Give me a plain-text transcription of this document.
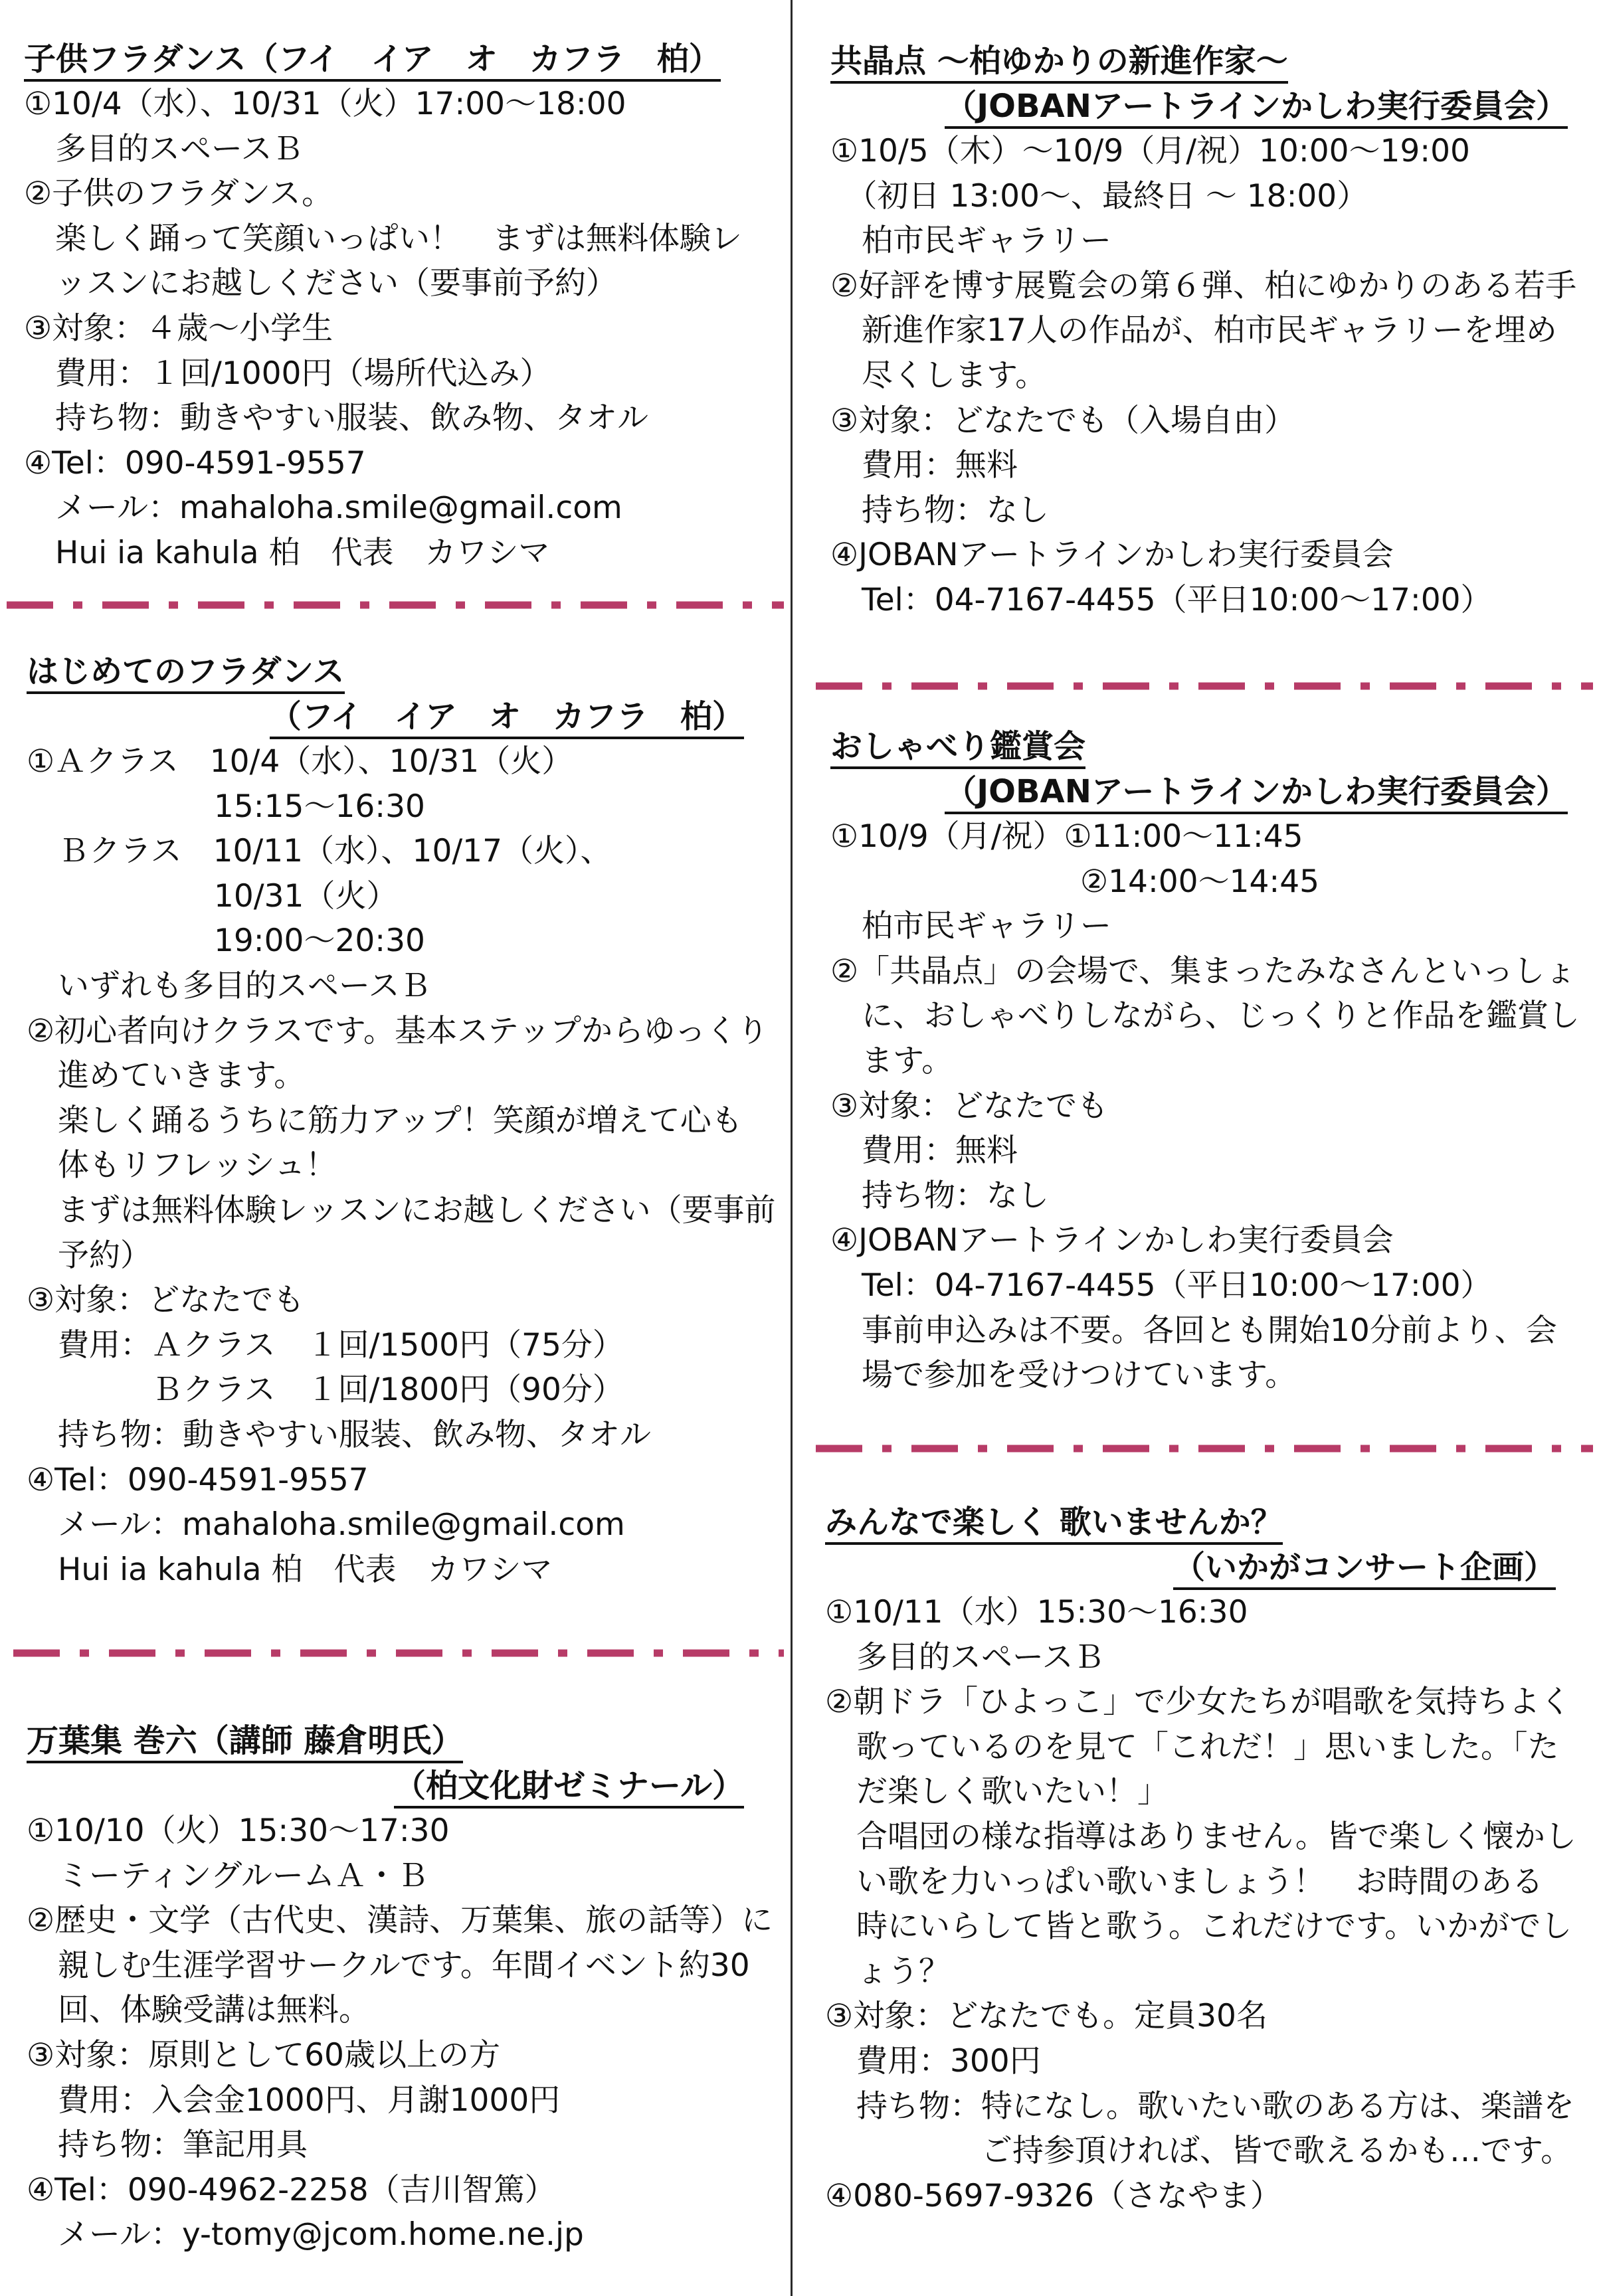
子供フラダンス（フイ　イア　オ　カフラ　柏）
①10/4（水）、10/31（火）17:00～18:00
　多目的スペースＢ
②子供のフラダンス。
　楽しく踊って笑顔いっぱい！　まずは無料体験レ
　ッスンにお越しください（要事前予約）
③対象：４歳～小学生
　費用：１回/1000円（場所代込み）
　持ち物：動きやすい服装、飲み物、タオル
④Tel：090-4591-9557
　メール：mahaloha.smile@gmail.com
　Hui ia kahula 柏　代表　カワシマ
はじめてのフラダンス
（フイ　イア　オ　カフラ　柏）
①Ａクラス　10/4（水）、10/31（火）
　　　　　　15:15～16:30
　Ｂクラス　10/11（水）、10/17（火）、
　　　　　　10/31（火）
　　　　　　19:00～20:30
　いずれも多目的スペースＢ
②初心者向けクラスです。基本ステップからゆっくり
　進めていきます。
　楽しく踊るうちに筋力アップ！笑顔が増えて心も
　体もリフレッシュ！
　まずは無料体験レッスンにお越しください（要事前
　予約）
③対象：どなたでも
　費用：Ａクラス　１回/1500円（75分）
　　　　Ｂクラス　１回/1800円（90分）
　持ち物：動きやすい服装、飲み物、タオル
④Tel：090-4591-9557
　メール：mahaloha.smile@gmail.com
　Hui ia kahula 柏　代表　カワシマ
万葉集 巻六（講師 藤倉明氏）
（柏文化財ゼミナール）
①10/10（火）15:30～17:30
　ミーティングルームＡ・Ｂ
②歴史・文学（古代史、漢詩、万葉集、旅の話等）に
　親しむ生涯学習サークルです。年間イベント約30
　回、体験受講は無料。
③対象：原則として60歳以上の方
　費用：入会金1000円、月謝1000円
　持ち物：筆記用具
④Tel：090-4962-2258（吉川智篤）
　メール：y-tomy@jcom.home.ne.jp
共晶点 ～柏ゆかりの新進作家～
（JOBANアートラインかしわ実行委員会）
①10/5（木）～10/9（月/祝）10:00～19:00
　（初日 13:00～、最終日 ～ 18:00）
　柏市民ギャラリー
②好評を博す展覧会の第６弾、柏にゆかりのある若手
　新進作家17人の作品が、柏市民ギャラリーを埋め
　尽くします。
③対象：どなたでも（入場自由）
　費用：無料
　持ち物：なし
④JOBANアートラインかしわ実行委員会
　Tel：04-7167-4455（平日10:00～17:00）
おしゃべり鑑賞会
（JOBANアートラインかしわ実行委員会）
①10/9（月/祝）①11:00～11:45
　　　　　　　　②14:00～14:45
　柏市民ギャラリー
②「共晶点」の会場で、集まったみなさんといっしょ
　に、おしゃべりしながら、じっくりと作品を鑑賞し
　ます。
③対象：どなたでも
　費用：無料
　持ち物：なし
④JOBANアートラインかしわ実行委員会
　Tel：04-7167-4455（平日10:00～17:00）
　事前申込みは不要。各回とも開始10分前より、会
　場で参加を受けつけています。
みんなで楽しく 歌いませんか？
（いかがコンサート企画）
①10/11（水）15:30～16:30
　多目的スペースＢ
②朝ドラ「ひよっこ」で少女たちが唱歌を気持ちよく
　歌っているのを見て「これだ！」思いました。「た
　だ楽しく歌いたい！」
　合唱団の様な指導はありません。皆で楽しく懐かし
　い歌を力いっぱい歌いましょう！　お時間のある
　時にいらして皆と歌う。これだけです。いかがでし
　ょう？
③対象：どなたでも。定員30名
　費用：300円
　持ち物：特になし。歌いたい歌のある方は、楽譜を
　　　　　ご持参頂ければ、皆で歌えるかも…です。
④080-5697-9326（さなやま）
